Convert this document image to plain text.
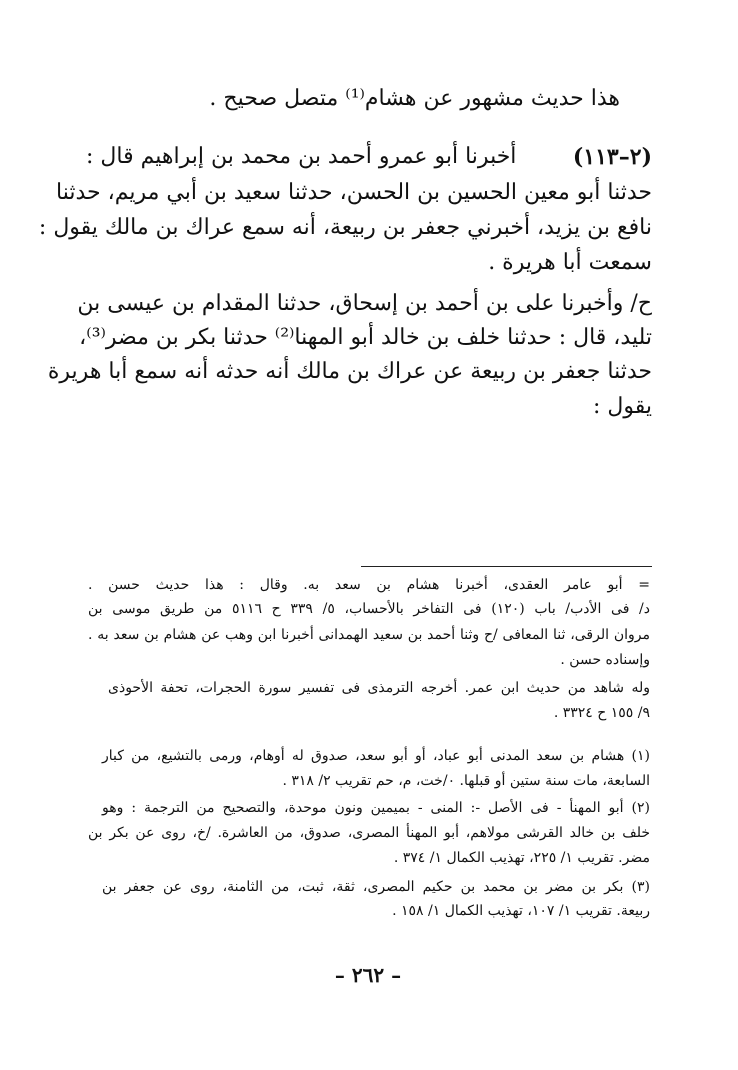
هذا حديث مشهور عن هشام⁽¹⁾ متصل صحيح .
(٢–١١٣)
أخبرنا أبو عمرو أحمد بن محمد بن إبراهيم قال :
حدثنا أبو معين الحسين بن الحسن، حدثنا سعيد بن أبي مريم، حدثنا
نافع بن يزيد، أخبرني جعفر بن ربيعة، أنه سمع عراك بن مالك يقول :
سمعت أبا هريرة .
ح/ وأخبرنا على بن أحمد بن إسحاق، حدثنا المقدام بن عيسى بن
تليد، قال : حدثنا خلف بن خالد أبو المهنا⁽²⁾ حدثنا بكر بن مضر⁽³⁾،
حدثنا جعفر بن ربيعة عن عراك بن مالك أنه حدثه أنه سمع أبا هريرة
يقول :
= أبو عامر العقدى، أخبرنا هشام بن سعد به. وقال : هذا حديث حسن .
د/ فى الأدب/ باب (١٢٠) فى التفاخر بالأحساب، ٥/ ٣٣٩ ح ٥١١٦ من طريق موسى بن
مروان الرقى، ثنا المعافى /ح وثنا أحمد بن سعيد الهمدانى أخبرنا ابن وهب عن هشام بن سعد به .
وإسناده حسن .
وله شاهد من حديث ابن عمر. أخرجه الترمذى فى تفسير سورة الحجرات، تحفة الأحوذى
٩/ ١٥٥ ح ٣٣٢٤ .
(١) هشام بن سعد المدنى أبو عباد، أو أبو سعد، صدوق له أوهام، ورمى بالتشيع، من كبار
السابعة، مات سنة ستين أو قبلها. ٠/خت، م، حم تقريب ٢/ ٣١٨ .
(٢) أبو المهنأ - فى الأصل -: المنى - بميمين ونون موحدة، والتصحيح من الترجمة : وهو
خلف بن خالد القرشى مولاهم، أبو المهنأ المصرى، صدوق، من العاشرة. /خ، روى عن بكر بن
مضر. تقريب ١/ ٢٢٥، تهذيب الكمال ١/ ٣٧٤ .
(٣) بكر بن مضر بن محمد بن حكيم المصرى، ثقة، ثبت، من الثامنة، روى عن جعفر بن
ربيعة. تقريب ١/ ١٠٧، تهذيب الكمال ١/ ١٥٨ .
– ٢٦٢ –
